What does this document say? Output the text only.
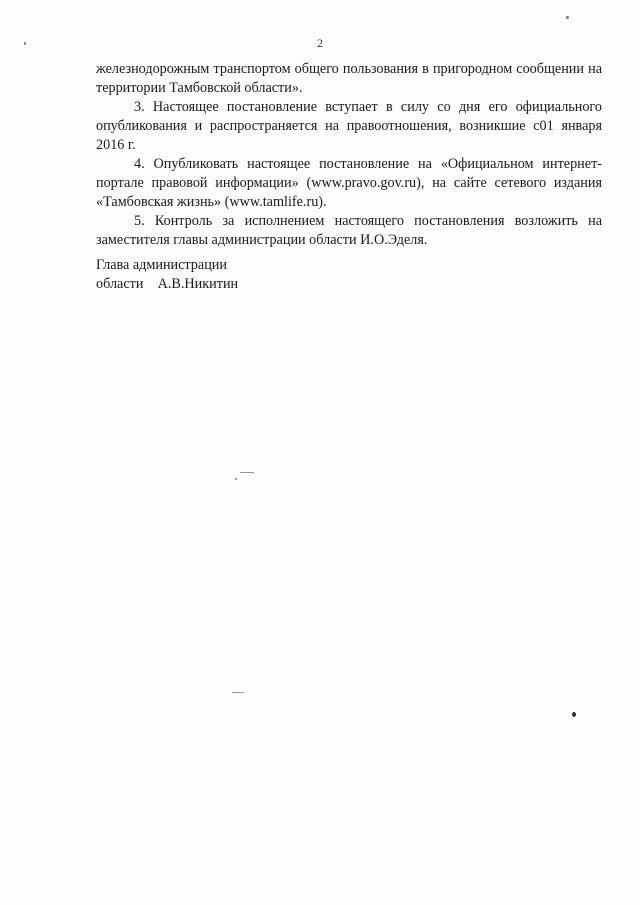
2

железнодорожным транспортом общего пользования в пригородном сообщении на территории Тамбовской области».

3. Настоящее постановление вступает в силу со дня его официального опубликования и распространяется на правоотношения, возникшие с01 января 2016 г.

4. Опубликовать настоящее постановление на «Официальном интернет-портале правовой информации» (www.pravo.gov.ru), на сайте сетевого издания «Тамбовская жизнь» (www.tamlife.ru).

5. Контроль за исполнением настоящего постановления возложить на заместителя главы администрации области И.О.Эделя.

Глава администрации
области    А.В.Никитин
